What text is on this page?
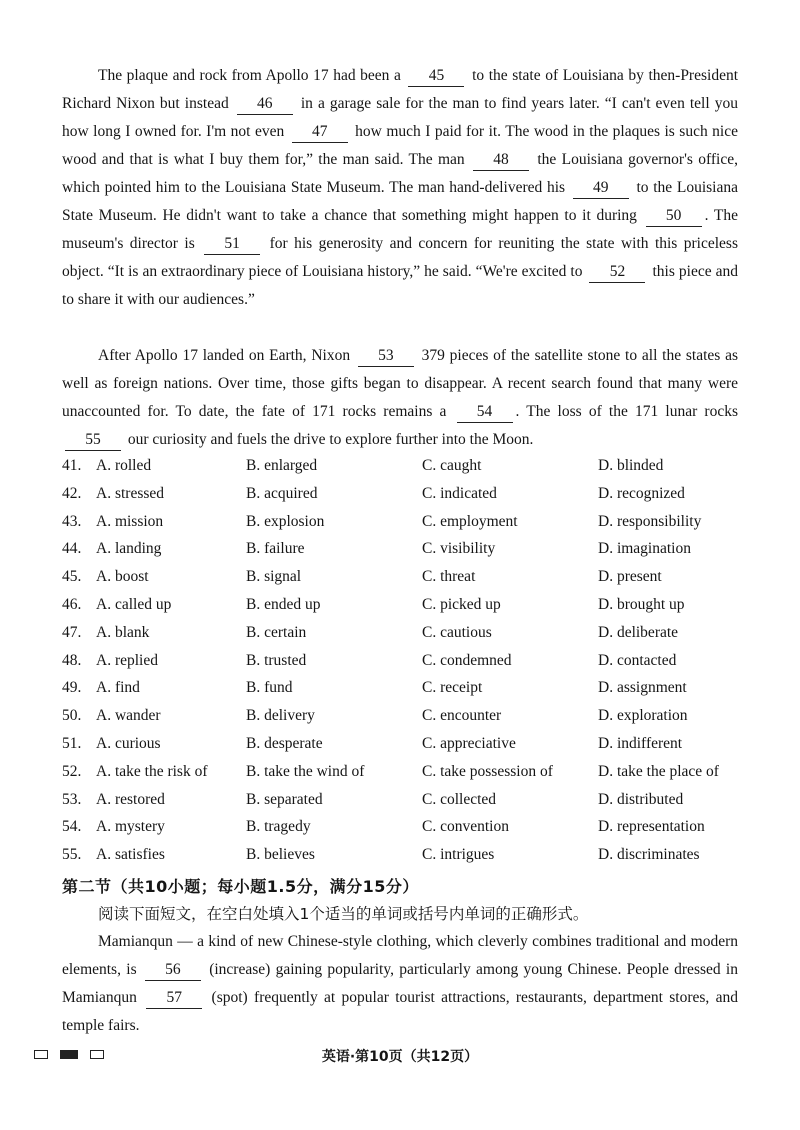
The plaque and rock from Apollo 17 had been a 45 to the state of Louisiana by then-President Richard Nixon but instead 46 in a garage sale for the man to find years later. “I can't even tell you how long I owned for. I'm not even 47 how much I paid for it. The wood in the plaques is such nice wood and that is what I buy them for,” the man said. The man 48 the Louisiana governor's office, which pointed him to the Louisiana State Museum. The man hand-delivered his 49 to the Louisiana State Museum. He didn't want to take a chance that something might happen to it during 50 . The museum's director is 51 for his generosity and concern for reuniting the state with this priceless object. “It is an extraordinary piece of Louisiana history,” he said. “We're excited to 52 this piece and to share it with our audiences.”

After Apollo 17 landed on Earth, Nixon 53 379 pieces of the satellite stone to all the states as well as foreign nations. Over time, those gifts began to disappear. A recent search found that many were unaccounted for. To date, the fate of 171 rocks remains a 54 . The loss of the 171 lunar rocks 55 our curiosity and fuels the drive to explore further into the Moon.

41. A. rolled	B. enlarged	C. caught	D. blinded
42. A. stressed	B. acquired	C. indicated	D. recognized
43. A. mission	B. explosion	C. employment	D. responsibility
44. A. landing	B. failure	C. visibility	D. imagination
45. A. boost	B. signal	C. threat	D. present
46. A. called up	B. ended up	C. picked up	D. brought up
47. A. blank	B. certain	C. cautious	D. deliberate
48. A. replied	B. trusted	C. condemned	D. contacted
49. A. find	B. fund	C. receipt	D. assignment
50. A. wander	B. delivery	C. encounter	D. exploration
51. A. curious	B. desperate	C. appreciative	D. indifferent
52. A. take the risk of	B. take the wind of	C. take possession of	D. take the place of
53. A. restored	B. separated	C. collected	D. distributed
54. A. mystery	B. tragedy	C. convention	D. representation
55. A. satisfies	B. believes	C. intrigues	D. discriminates
第二节（共10小题；每小题1.5分，满分15分）
阅读下面短文，在空白处填入1个适当的单词或括号内单词的正确形式。

Mamianqun — a kind of new Chinese-style clothing, which cleverly combines traditional and modern elements, is 56 (increase) gaining popularity, particularly among young Chinese. People dressed in Mamianqun 57 (spot) frequently at popular tourist attractions, restaurants, department stores, and temple fairs.

英语·第10页（共12页）
